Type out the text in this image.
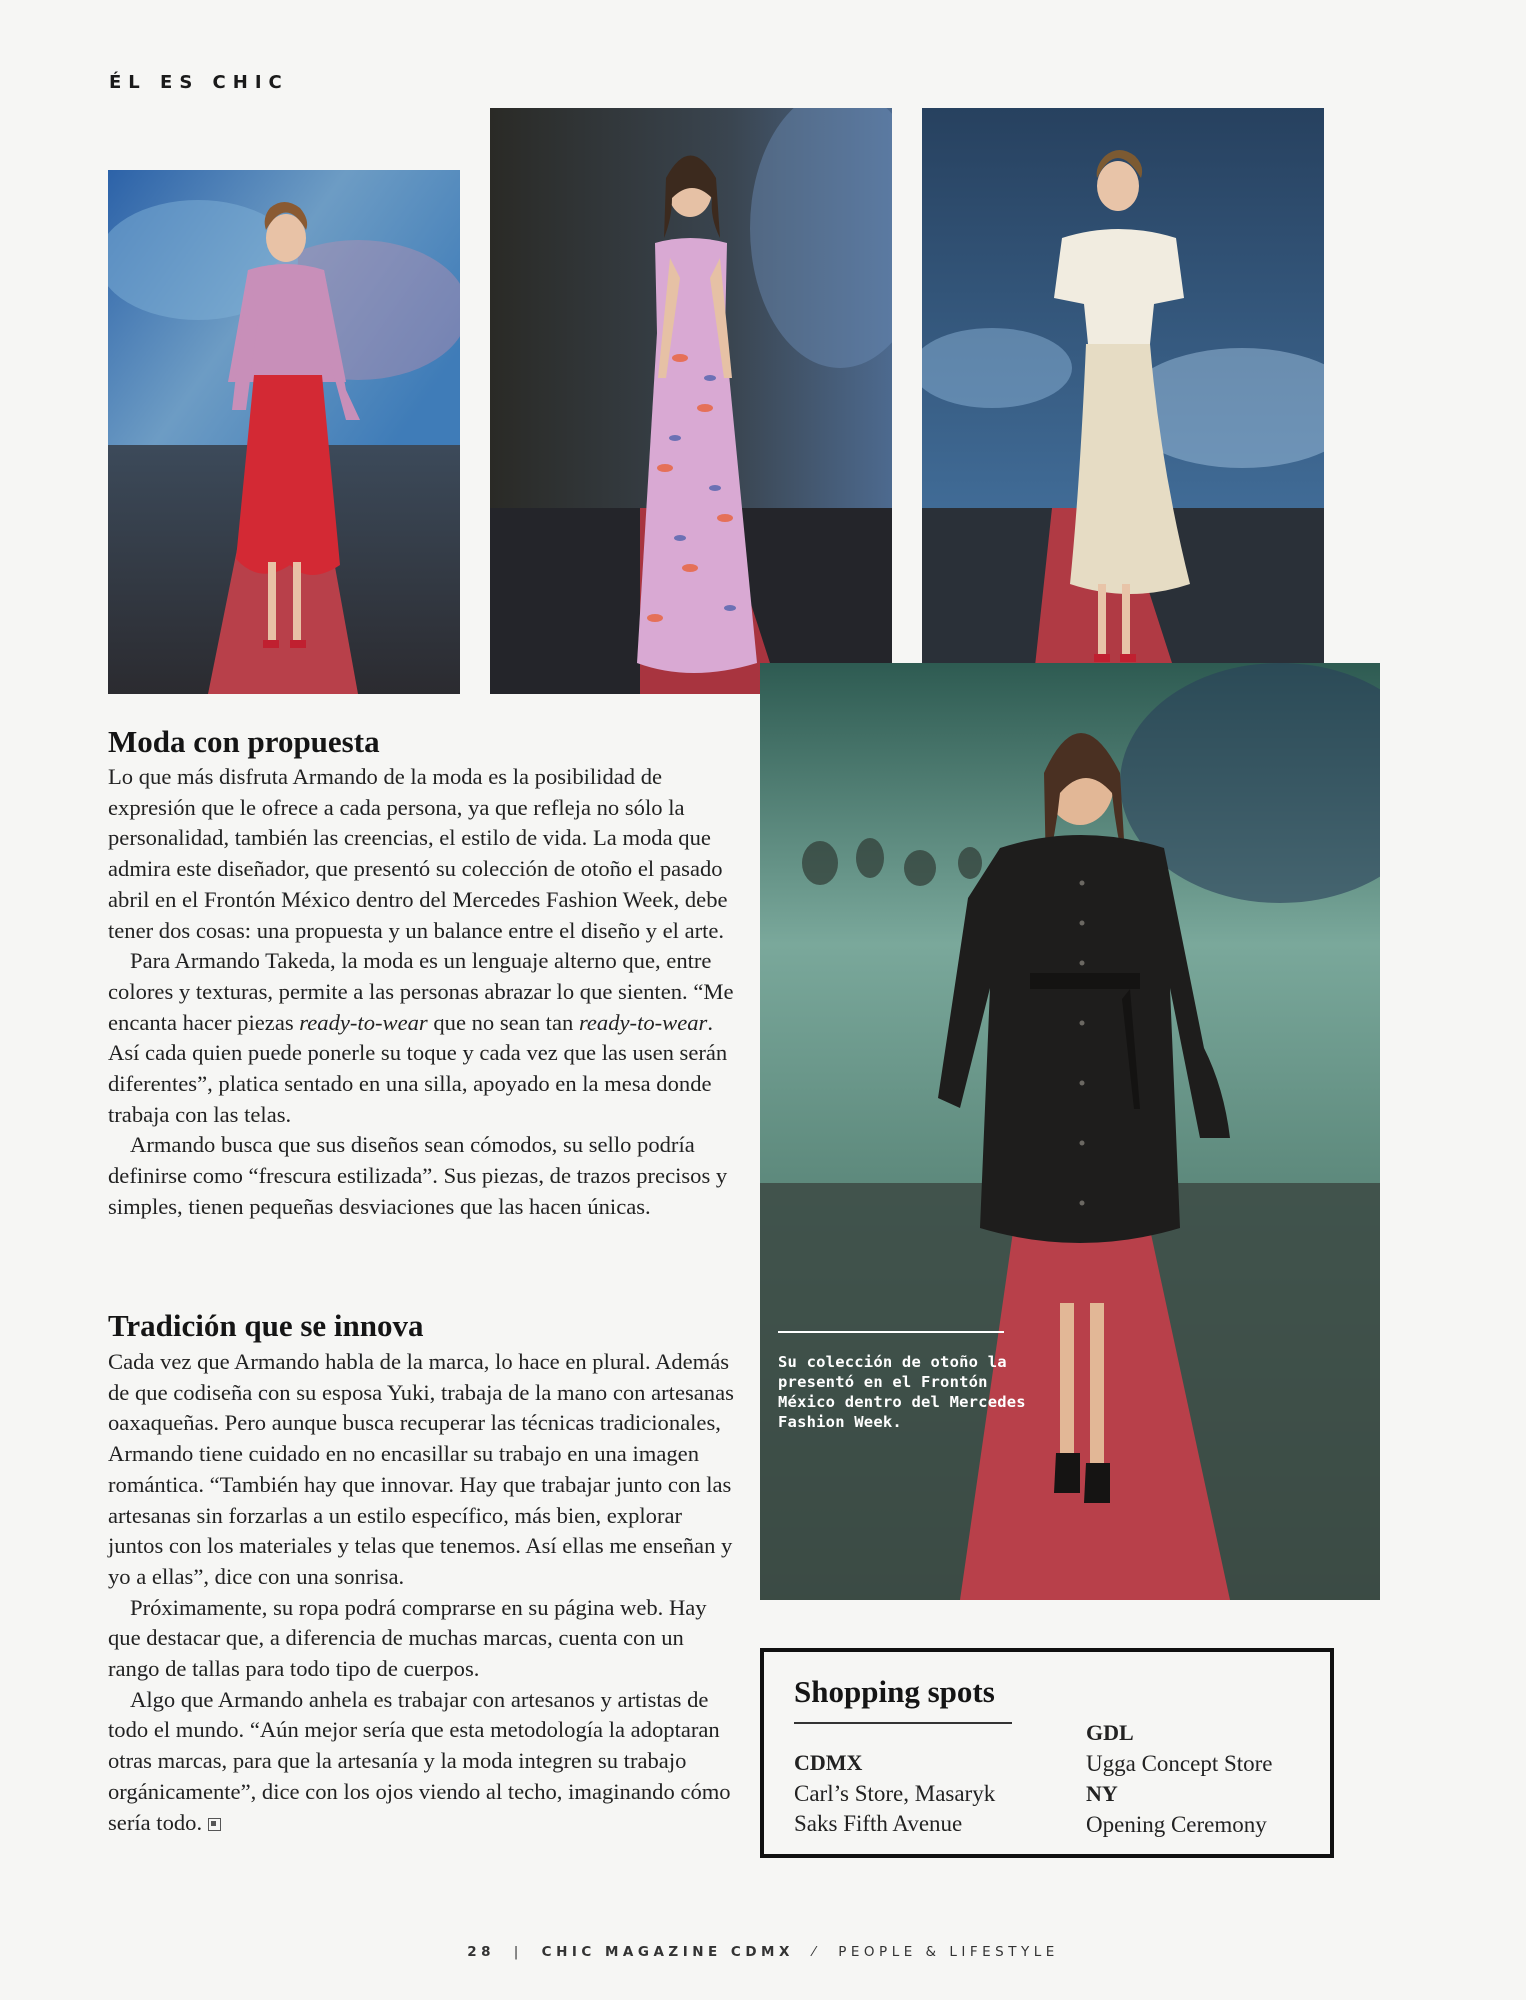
ÉL ES CHIC
Su colección de otoño la presentó en el Frontón México dentro del Mercedes Fashion Week.
Moda con propuesta

Lo que más disfruta Armando de la moda es la posibilidad de expresión que le ofrece a cada persona, ya que refleja no sólo la personalidad, también las creencias, el estilo de vida. La moda que admira este diseñador, que presentó su colección de otoño el pasado abril en el Frontón México dentro del Mercedes Fashion Week, debe tener dos cosas: una propuesta y un balance entre el diseño y el arte.

Para Armando Takeda, la moda es un lenguaje alterno que, entre colores y texturas, permite a las personas abrazar lo que sienten. “Me encanta hacer piezas ready-to-wear que no sean tan ready-to-wear. Así cada quien puede ponerle su toque y cada vez que las usen serán diferentes”, platica sentado en una silla, apoyado en la mesa donde trabaja con las telas.

Armando busca que sus diseños sean cómodos, su sello podría definirse como “frescura estilizada”. Sus piezas, de trazos precisos y simples, tienen pequeñas desviaciones que las hacen únicas.

Tradición que se innova

Cada vez que Armando habla de la marca, lo hace en plural. Además de que codiseña con su esposa Yuki, trabaja de la mano con artesanas oaxaqueñas. Pero aunque busca recuperar las técnicas tradicionales, Armando tiene cuidado en no encasillar su trabajo en una imagen romántica. “También hay que innovar. Hay que trabajar junto con las artesanas sin forzarlas a un estilo específico, más bien, explorar juntos con los materiales y telas que tenemos. Así ellas me enseñan y yo a ellas”, dice con una sonrisa.

Próximamente, su ropa podrá comprarse en su página web. Hay que destacar que, a diferencia de muchas marcas, cuenta con un rango de tallas para todo tipo de cuerpos.

Algo que Armando anhela es trabajar con artesanos y artistas de todo el mundo. “Aún mejor sería que esta metodología la adoptaran otras marcas, para que la artesanía y la moda integren su trabajo orgánicamente”, dice con los ojos viendo al techo, imaginando cómo sería todo.

Shopping spots
CDMX
Carl’s Store, Masaryk
Saks Fifth Avenue
GDL
Ugga Concept Store
NY
Opening Ceremony
28 | CHIC MAGAZINE CDMX ⁄ PEOPLE & LIFESTYLE
